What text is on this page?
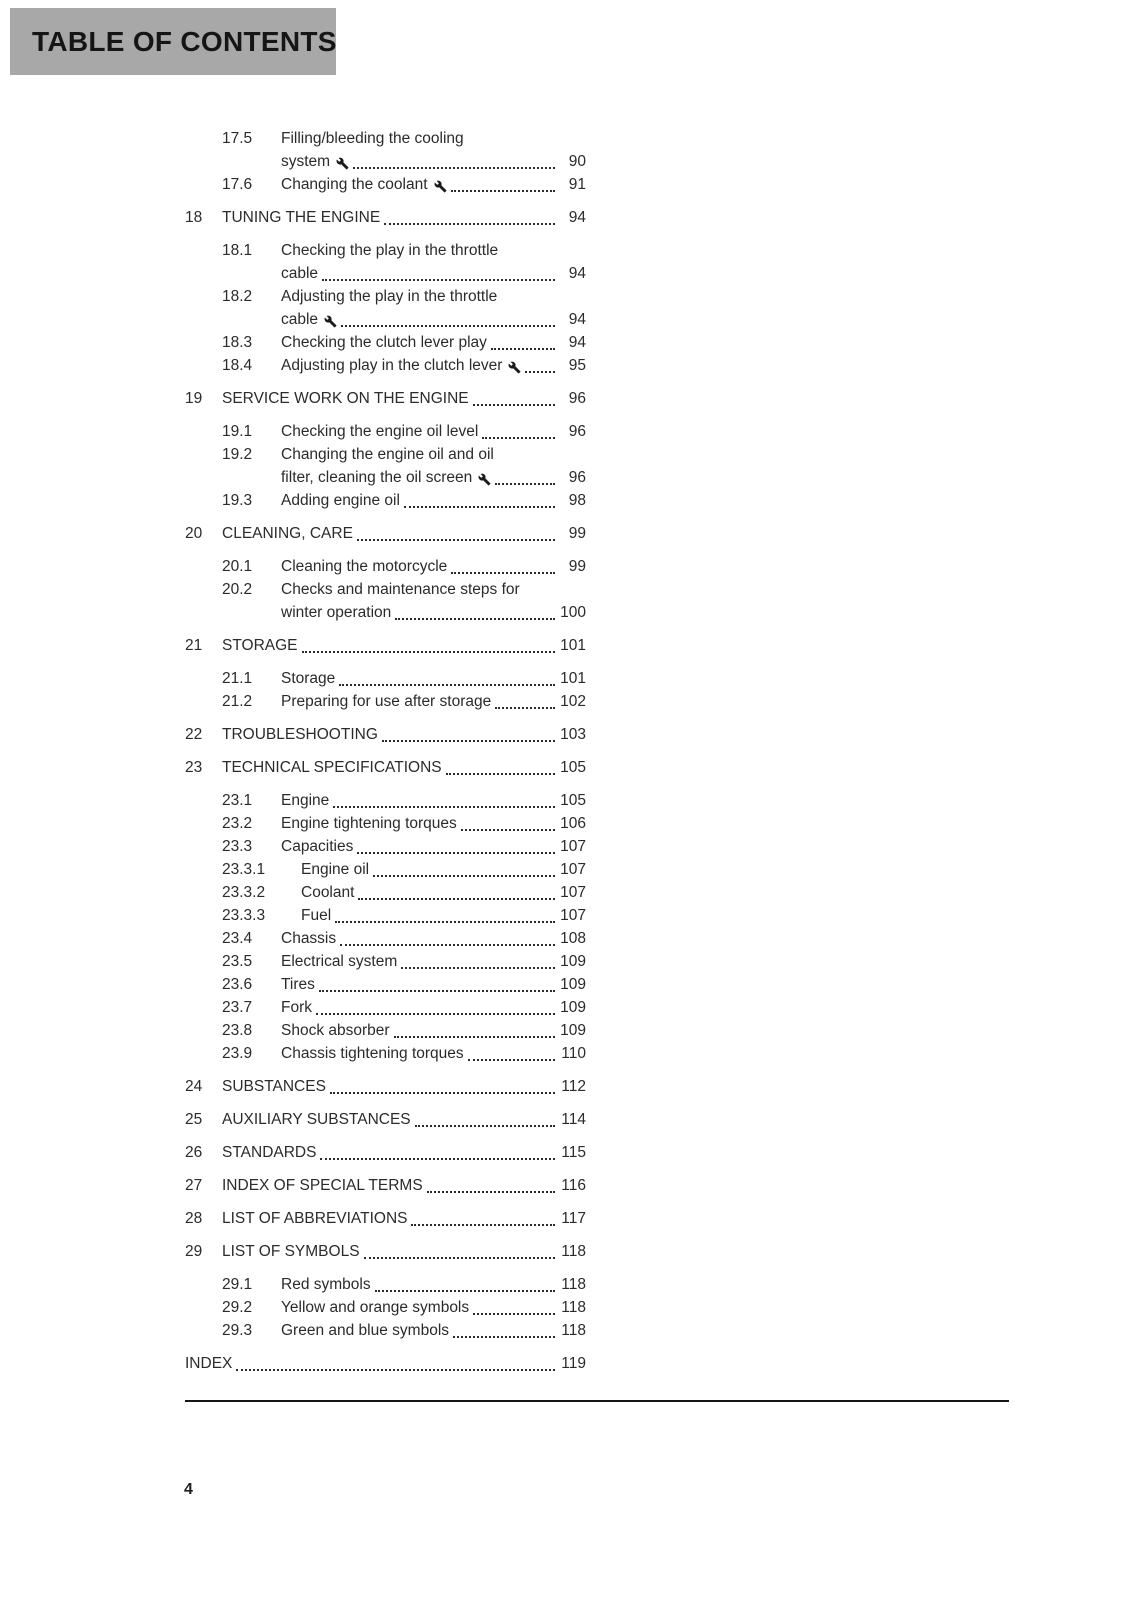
TABLE OF CONTENTS
17.5	Filling/bleeding the cooling
system	90
17.6	Changing the coolant	91
18	TUNING THE ENGINE	94
18.1	Checking the play in the throttle
cable	94
18.2	Adjusting the play in the throttle
cable	94
18.3	Checking the clutch lever play	94
18.4	Adjusting play in the clutch lever	95
19	SERVICE WORK ON THE ENGINE	96
19.1	Checking the engine oil level	96
19.2	Changing the engine oil and oil
filter, cleaning the oil screen	96
19.3	Adding engine oil	98
20	CLEANING, CARE	99
20.1	Cleaning the motorcycle	99
20.2	Checks and maintenance steps for
winter operation	100
21	STORAGE	101
21.1	Storage	101
21.2	Preparing for use after storage	102
22	TROUBLESHOOTING	103
23	TECHNICAL SPECIFICATIONS	105
23.1	Engine	105
23.2	Engine tightening torques	106
23.3	Capacities	107
23.3.1	Engine oil	107
23.3.2	Coolant	107
23.3.3	Fuel	107
23.4	Chassis	108
23.5	Electrical system	109
23.6	Tires	109
23.7	Fork	109
23.8	Shock absorber	109
23.9	Chassis tightening torques	110
24	SUBSTANCES	112
25	AUXILIARY SUBSTANCES	114
26	STANDARDS	115
27	INDEX OF SPECIAL TERMS	116
28	LIST OF ABBREVIATIONS	117
29	LIST OF SYMBOLS	118
29.1	Red symbols	118
29.2	Yellow and orange symbols	118
29.3	Green and blue symbols	118
INDEX	119
4
